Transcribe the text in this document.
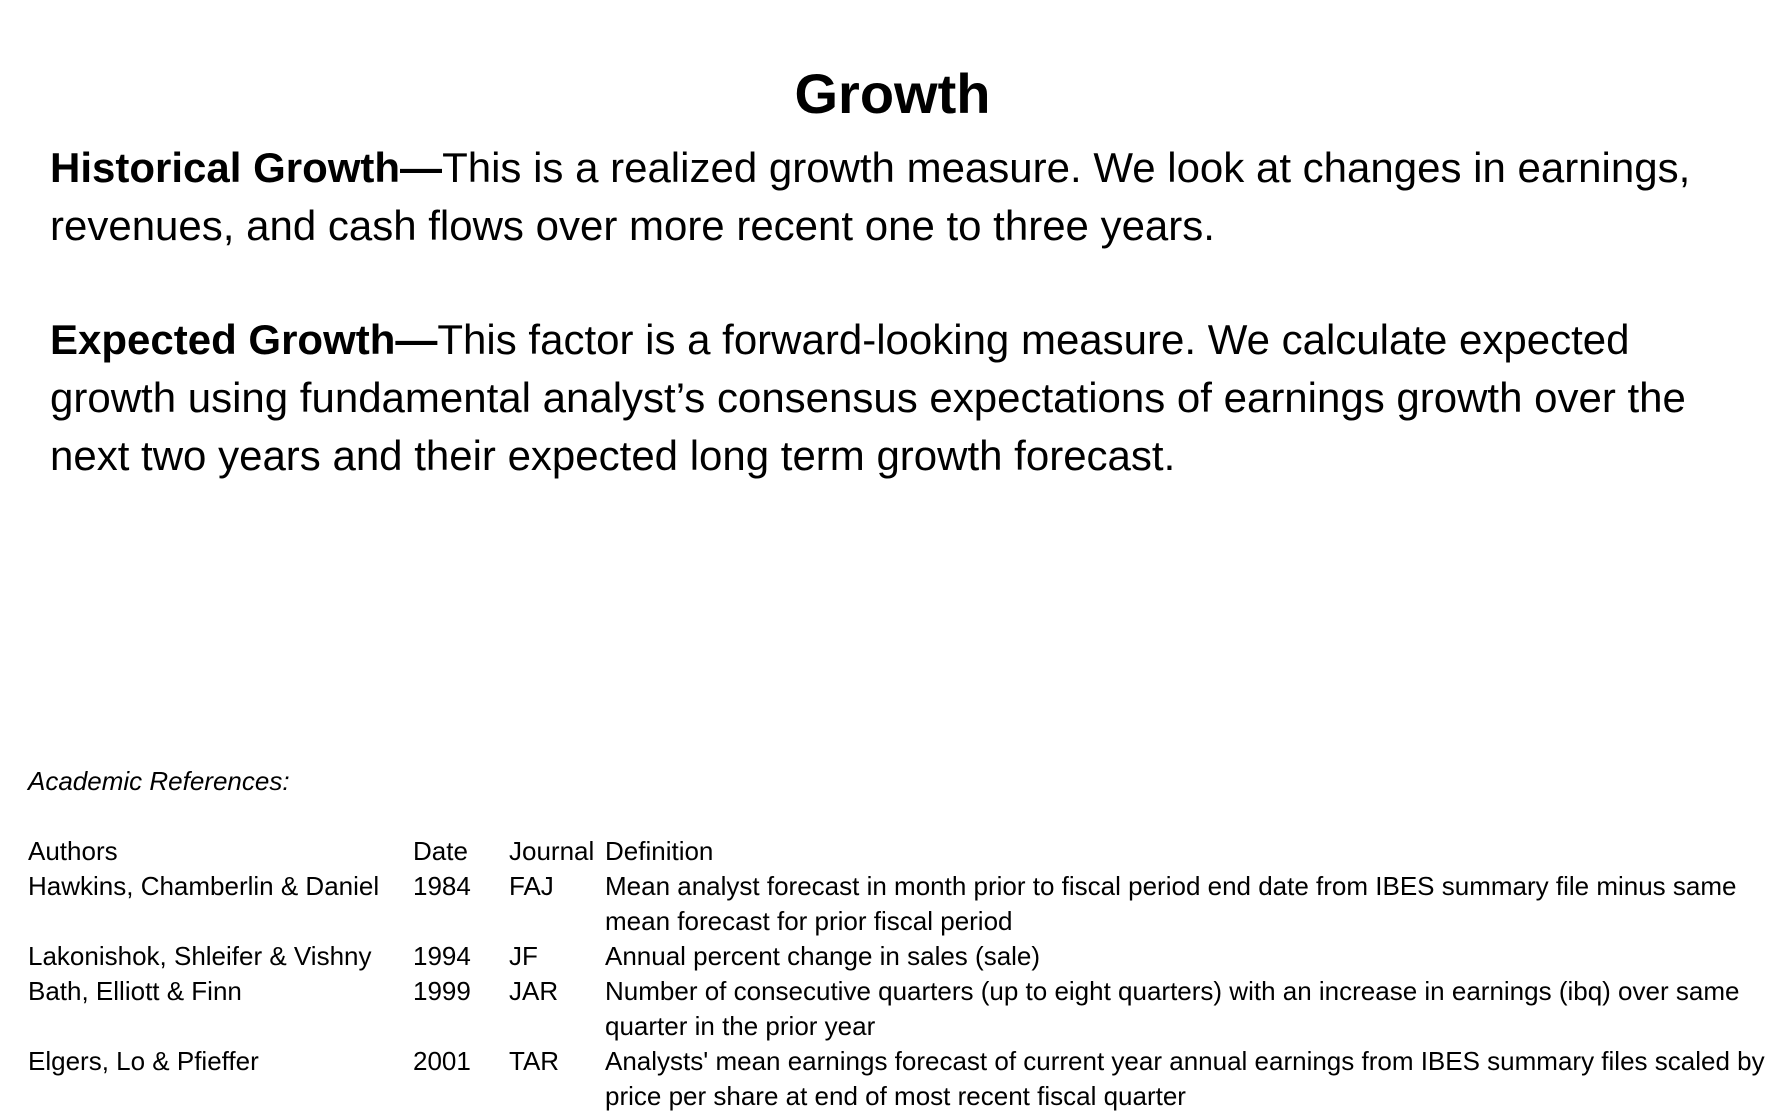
Growth

Historical Growth—This is a realized growth measure. We look at changes in earnings, revenues, and cash flows over more recent one to three years.

Expected Growth—This factor is a forward-looking measure. We calculate expected growth using fundamental analyst’s consensus expectations of earnings growth over the next two years and their expected long term growth forecast.

Academic References:

Authors	Date	Journal	Definition
Hawkins, Chamberlin & Daniel	1984	FAJ	Mean analyst forecast in month prior to fiscal period end date from IBES summary file minus same mean forecast for prior fiscal period
Lakonishok, Shleifer & Vishny	1994	JF	Annual percent change in sales (sale)
Bath, Elliott & Finn	1999	JAR	Number of consecutive quarters (up to eight quarters) with an increase in earnings (ibq) over same quarter in the prior year
Elgers, Lo & Pfieffer	2001	TAR	Analysts' mean earnings forecast of current year annual earnings from IBES summary files scaled by price per share at end of most recent fiscal quarter
